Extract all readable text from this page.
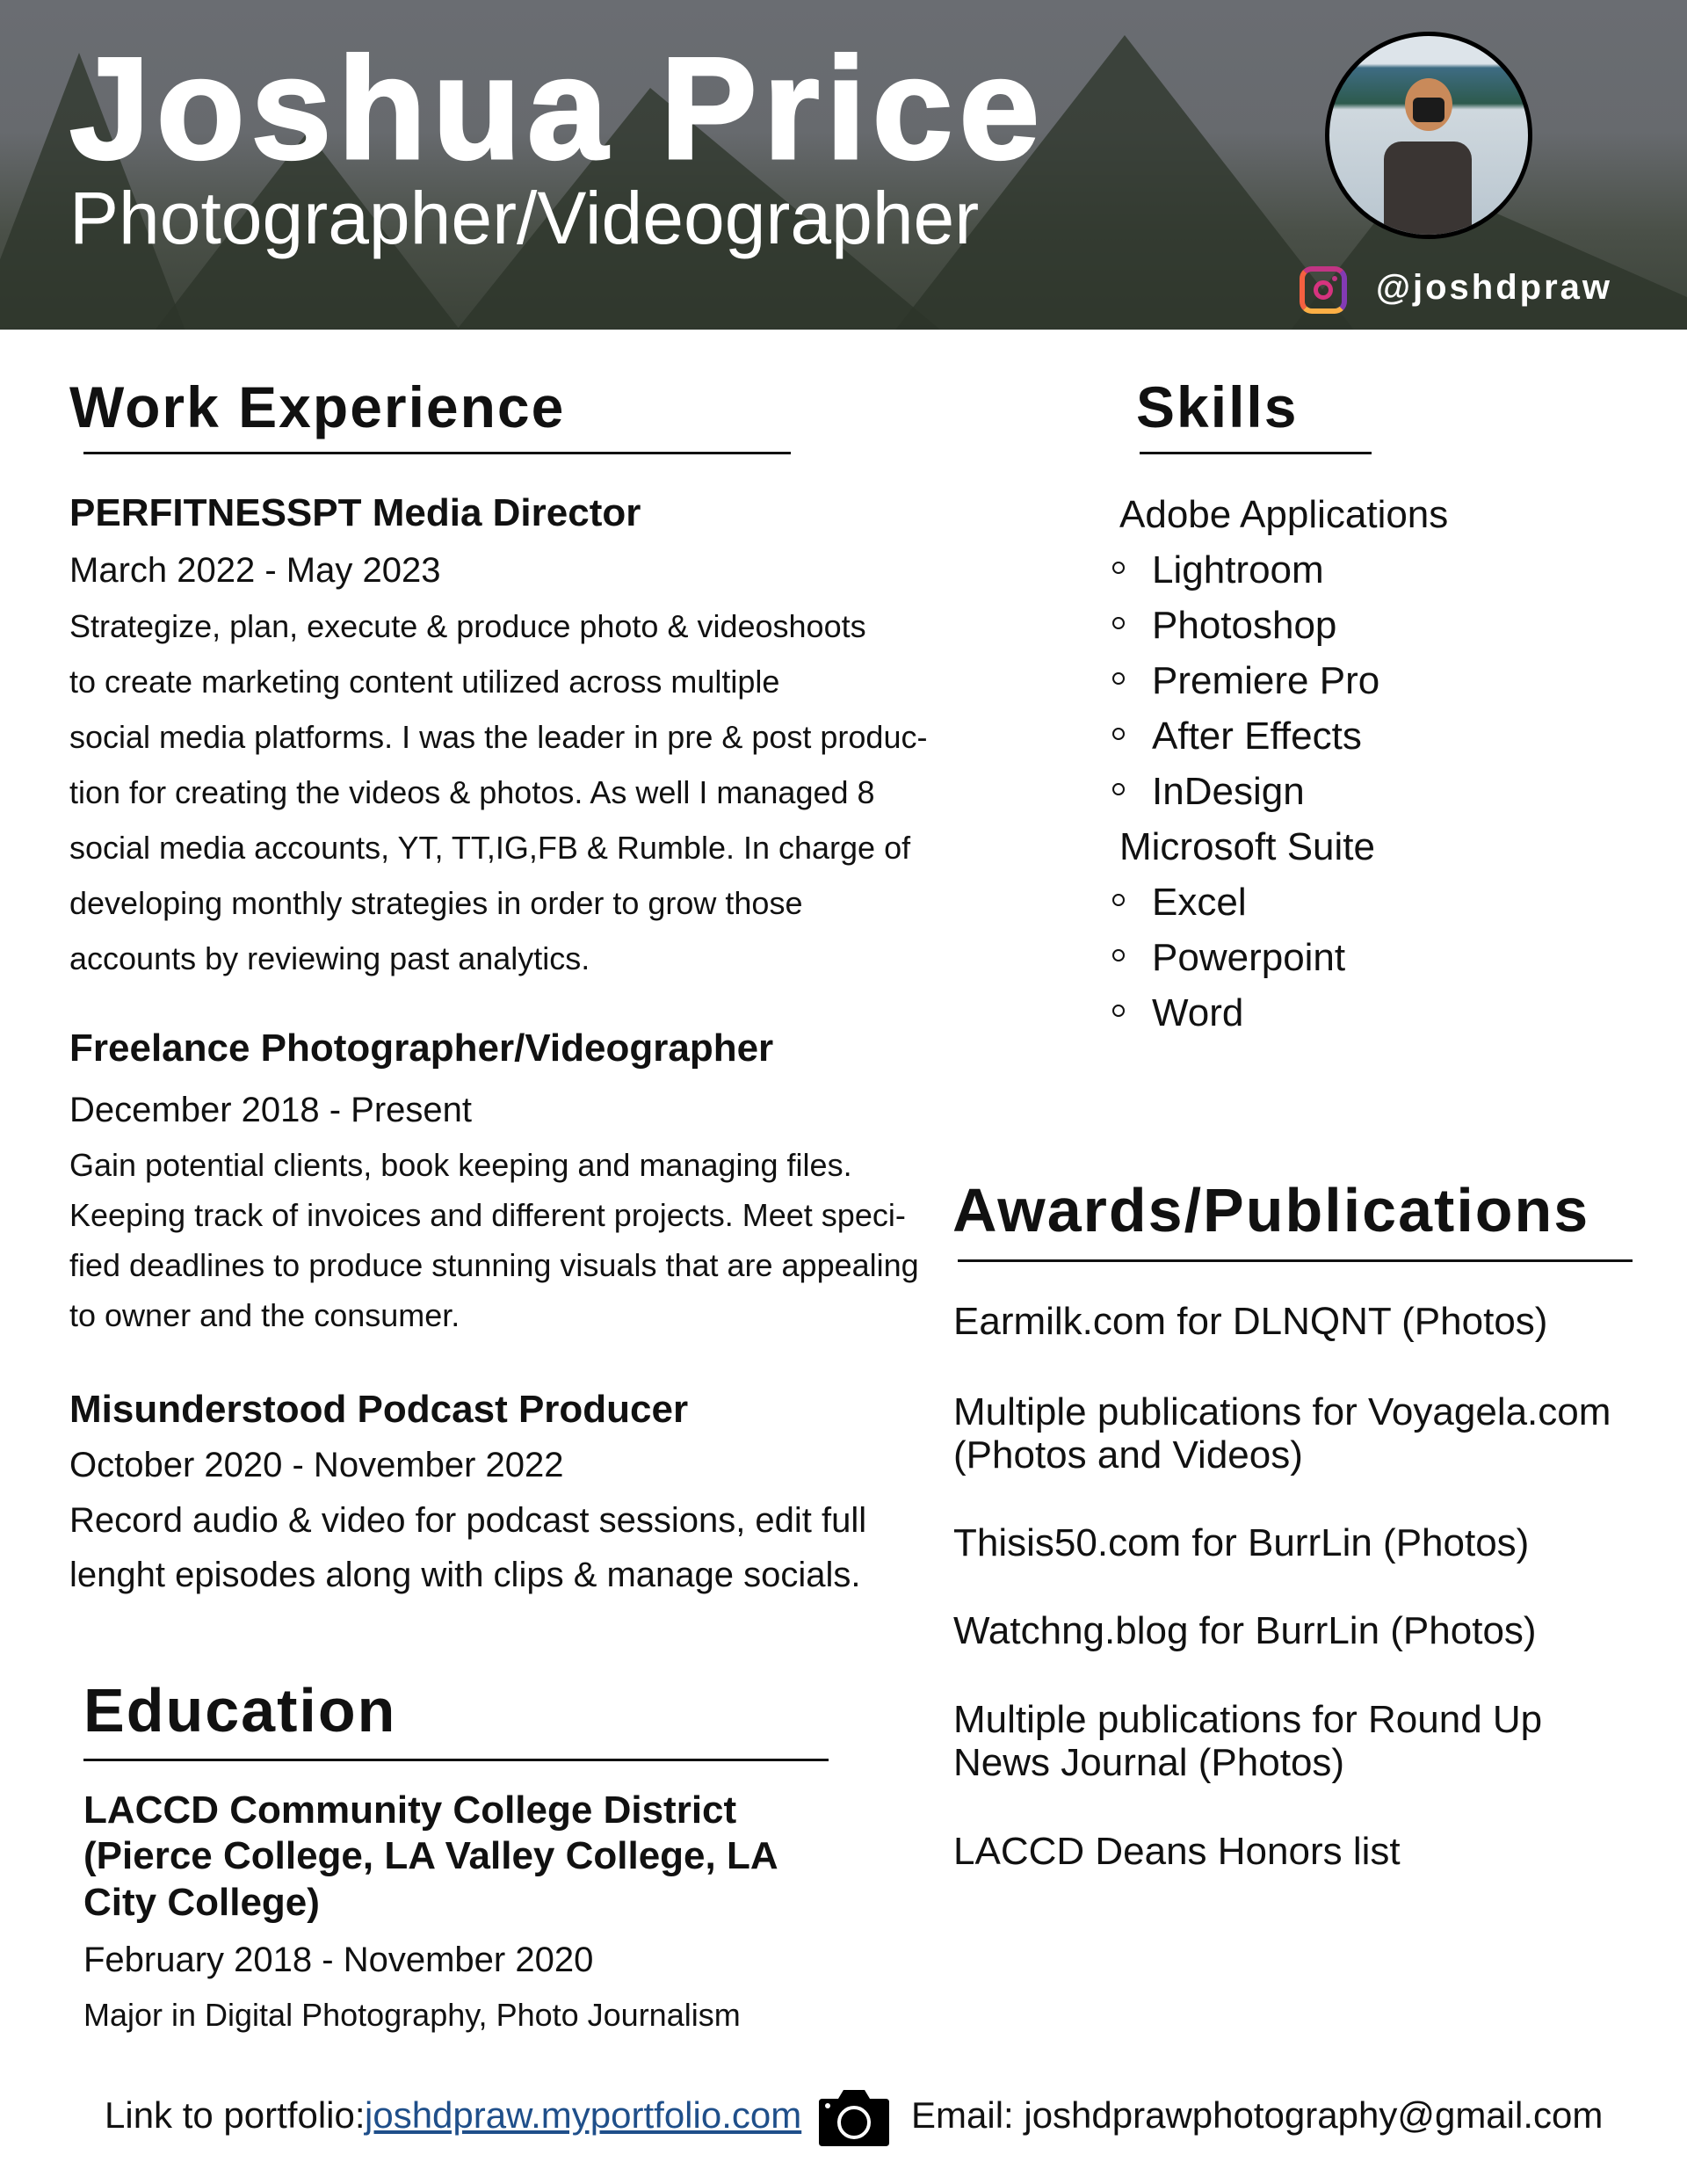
Joshua Price
Photographer/Videographer
@joshdpraw
Work Experience
PERFITNESSPT Media Director
March 2022 - May 2023
Strategize, plan, execute & produce photo & videoshoots
to create marketing content utilized across multiple
social media platforms. I was the leader in pre & post produc-
tion for creating the videos & photos. As well I managed 8
social media accounts, YT, TT,IG,FB & Rumble. In charge of
developing monthly strategies in order to grow those
accounts by reviewing past analytics.
Freelance Photographer/Videographer
December 2018 - Present
Gain potential clients, book keeping and managing files.
Keeping track of invoices and different projects. Meet speci-
fied deadlines to produce stunning visuals that are appealing
to owner and the consumer.
Misunderstood Podcast Producer
October 2020 - November 2022
Record audio & video for podcast sessions, edit full
lenght episodes along with clips & manage socials.
Education
LACCD Community College District
(Pierce College, LA Valley College, LA
City College)
February 2018 - November 2020
Major in Digital Photography, Photo Journalism
Skills
Adobe Applications
Lightroom
Photoshop
Premiere Pro
After Effects
InDesign
Microsoft Suite
Excel
Powerpoint
Word
Awards/Publications
Earmilk.com for DLNQNT (Photos)
Multiple publications for Voyagela.com (Photos and Videos)
Thisis50.com for BurrLin (Photos)
Watchng.blog for BurrLin (Photos)
Multiple publications for Round Up News Journal (Photos)
LACCD Deans Honors list
Link to portfolio: joshdpraw.myportfolio.com	Email: joshdprawphotography@gmail.com
